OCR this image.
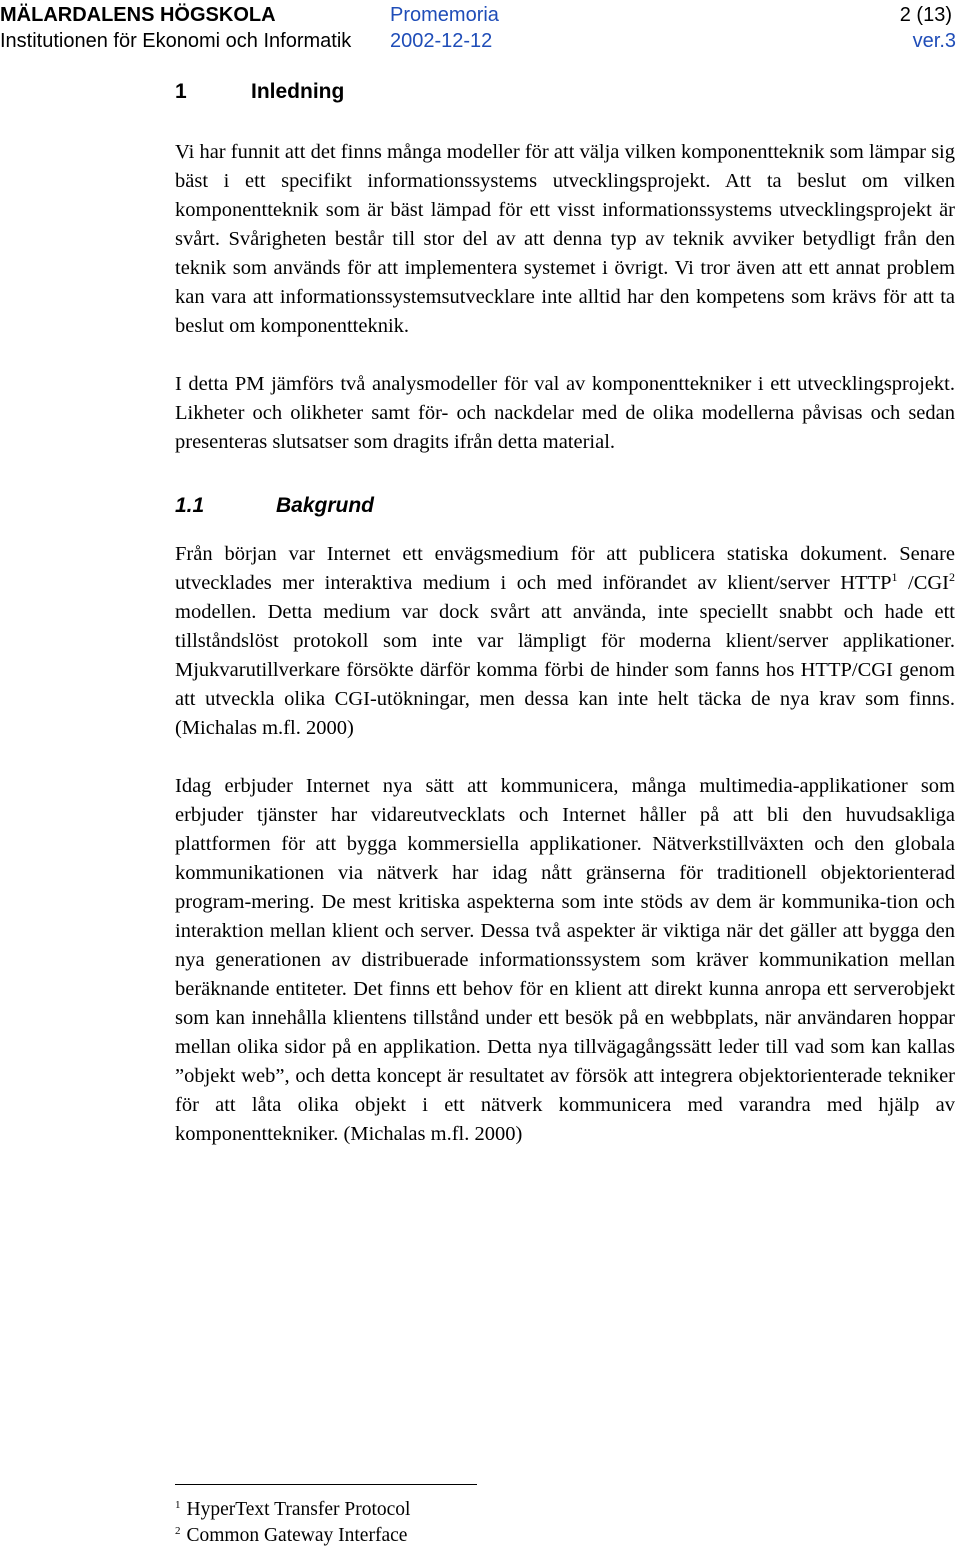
MÄLARDALENS HÖGSKOLA
Institutionen för Ekonomi och Informatik
Promemoria
2002-12-12
2 (13)
ver.3
1	Inledning

Vi har funnit att det finns många modeller för att välja vilken komponentteknik som lämpar sig bäst i ett specifikt informationssystems utvecklingsprojekt. Att ta beslut om vilken komponentteknik som är bäst lämpad för ett visst informationssystems utvecklingsprojekt är svårt. Svårigheten består till stor del av att denna typ av teknik avviker betydligt från den teknik som används för att implementera systemet i övrigt. Vi tror även att ett annat problem kan vara att informationssystemsutvecklare inte alltid har den kompetens som krävs för att ta beslut om komponentteknik.

I detta PM jämförs två analysmodeller för val av komponenttekniker i ett utvecklingsprojekt. Likheter och olikheter samt för- och nackdelar med de olika modellerna påvisas och sedan presenteras slutsatser som dragits ifrån detta material.

1.1	Bakgrund

Från början var Internet ett envägsmedium för att publicera statiska dokument. Senare utvecklades mer interaktiva medium i och med införandet av klient/server HTTP$^1$ /CGI$^2$ modellen. Detta medium var dock svårt att använda, inte speciellt snabbt och hade ett tillståndslöst protokoll som inte var lämpligt för moderna klient/server applikationer. Mjukvarutillverkare försökte därför komma förbi de hinder som fanns hos HTTP/CGI genom att utveckla olika CGI-utökningar, men dessa kan inte helt täcka de nya krav som finns. (Michalas m.fl. 2000)

Idag erbjuder Internet nya sätt att kommunicera, många multimedia-applikationer som erbjuder tjänster har vidareutvecklats och Internet håller på att bli den huvudsakliga plattformen för att bygga kommersiella applikationer. Nätverkstillväxten och den globala kommunikationen via nätverk har idag nått gränserna för traditionell objektorienterad program-mering. De mest kritiska aspekterna som inte stöds av dem är kommunika-tion och interaktion mellan klient och server. Dessa två aspekter är viktiga när det gäller att bygga den nya generationen av distribuerade informationssystem som kräver kommunikation mellan beräknande entiteter. Det finns ett behov för en klient att direkt kunna anropa ett serverobjekt som kan innehålla klientens tillstånd under ett besök på en webbplats, när användaren hoppar mellan olika sidor på en applikation. Detta nya tillvägagångssätt leder till vad som kan kallas ”objekt web”, och detta koncept är resultatet av försök att integrera objektorienterade tekniker för att låta olika objekt i ett nätverk kommunicera med varandra med hjälp av komponenttekniker. (Michalas m.fl. 2000)

$^1$ HyperText Transfer Protocol
$^2$ Common Gateway Interface
